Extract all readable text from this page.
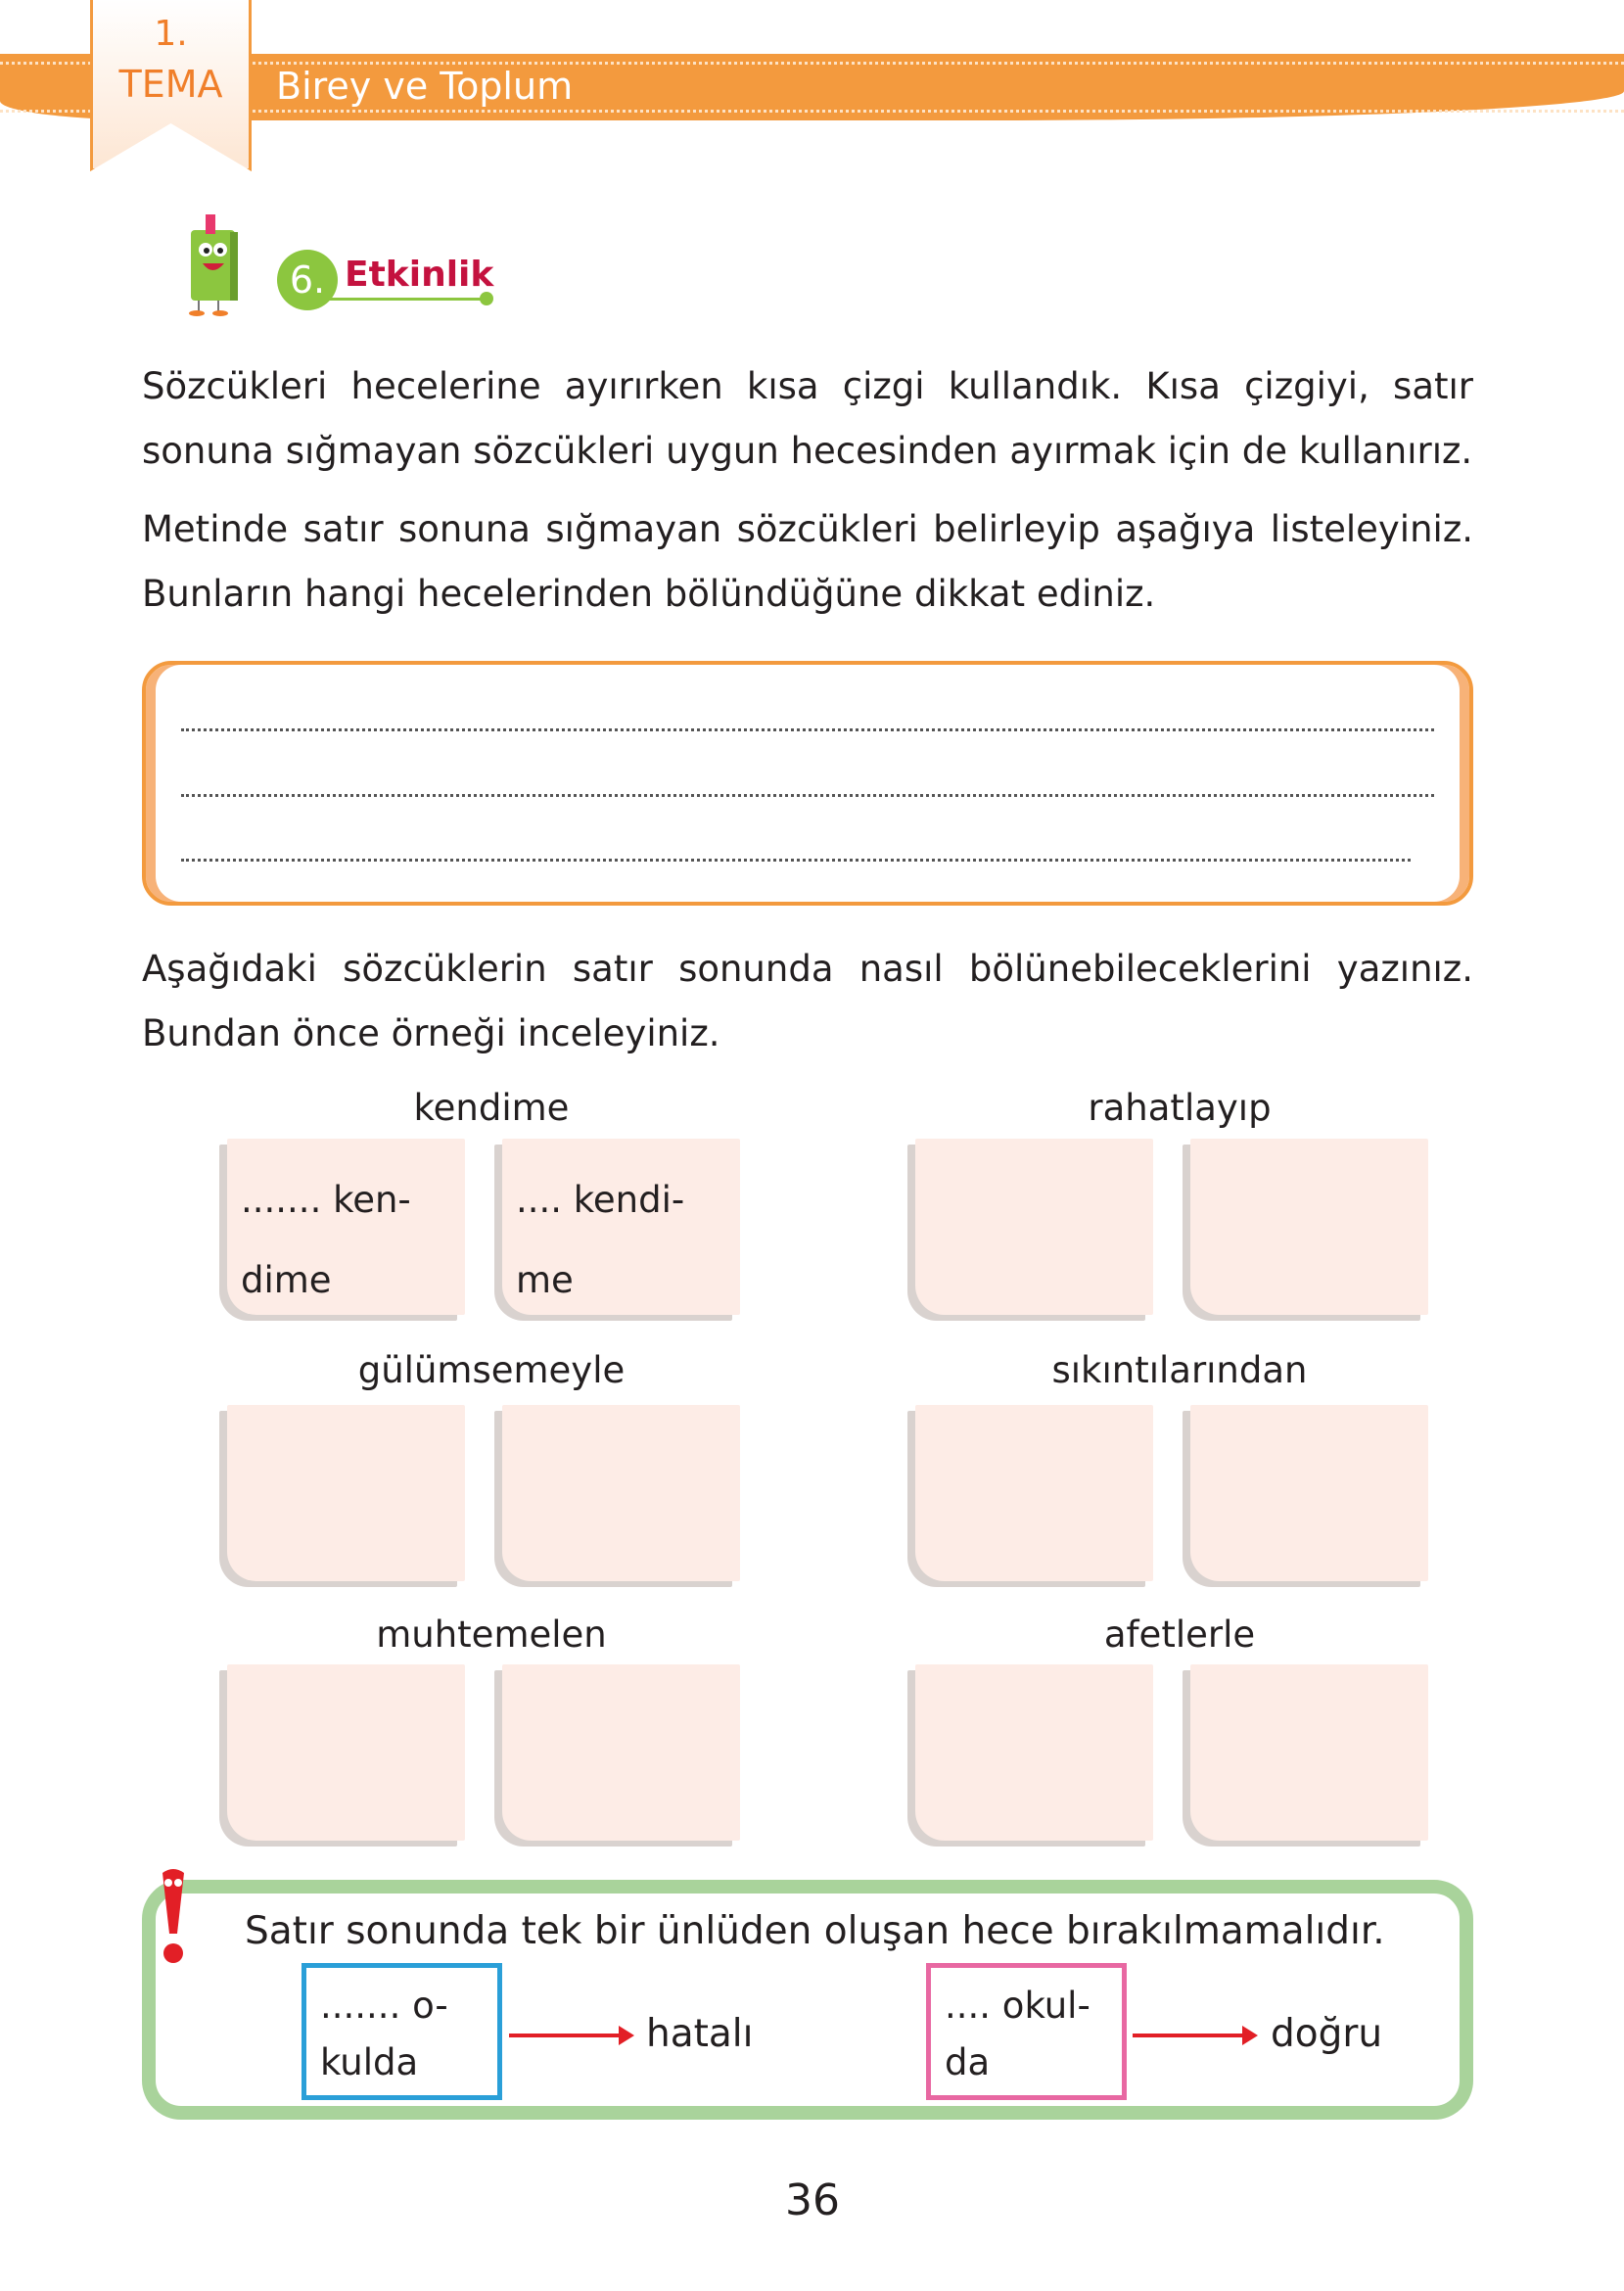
1.
TEMA	Birey ve Toplum
6. Etkinlik

Sözcükleri hecelerine ayırırken kısa çizgi kullandık. Kısa çizgiyi, satır sonuna sığmayan sözcükleri uygun hecesinden ayırmak için de kullanırız.

Metinde satır sonuna sığmayan sözcükleri belirleyip aşağıya listeleyiniz. Bunların hangi hecelerinden bölündüğüne dikkat ediniz.

Aşağıdaki sözcüklerin satır sonunda nasıl bölünebileceklerini yazınız. Bundan önce örneği inceleyiniz.

kendime
....... ken-
dime
.... kendi-
me
rahatlayıp
gülümsemeyle	sıkıntılarından
muhtemelen	afetlerle
Satır sonunda tek bir ünlüden oluşan hece bırakılmamalıdır.
....... o-
kulda
hatalı
.... okul-
da
doğru
36
